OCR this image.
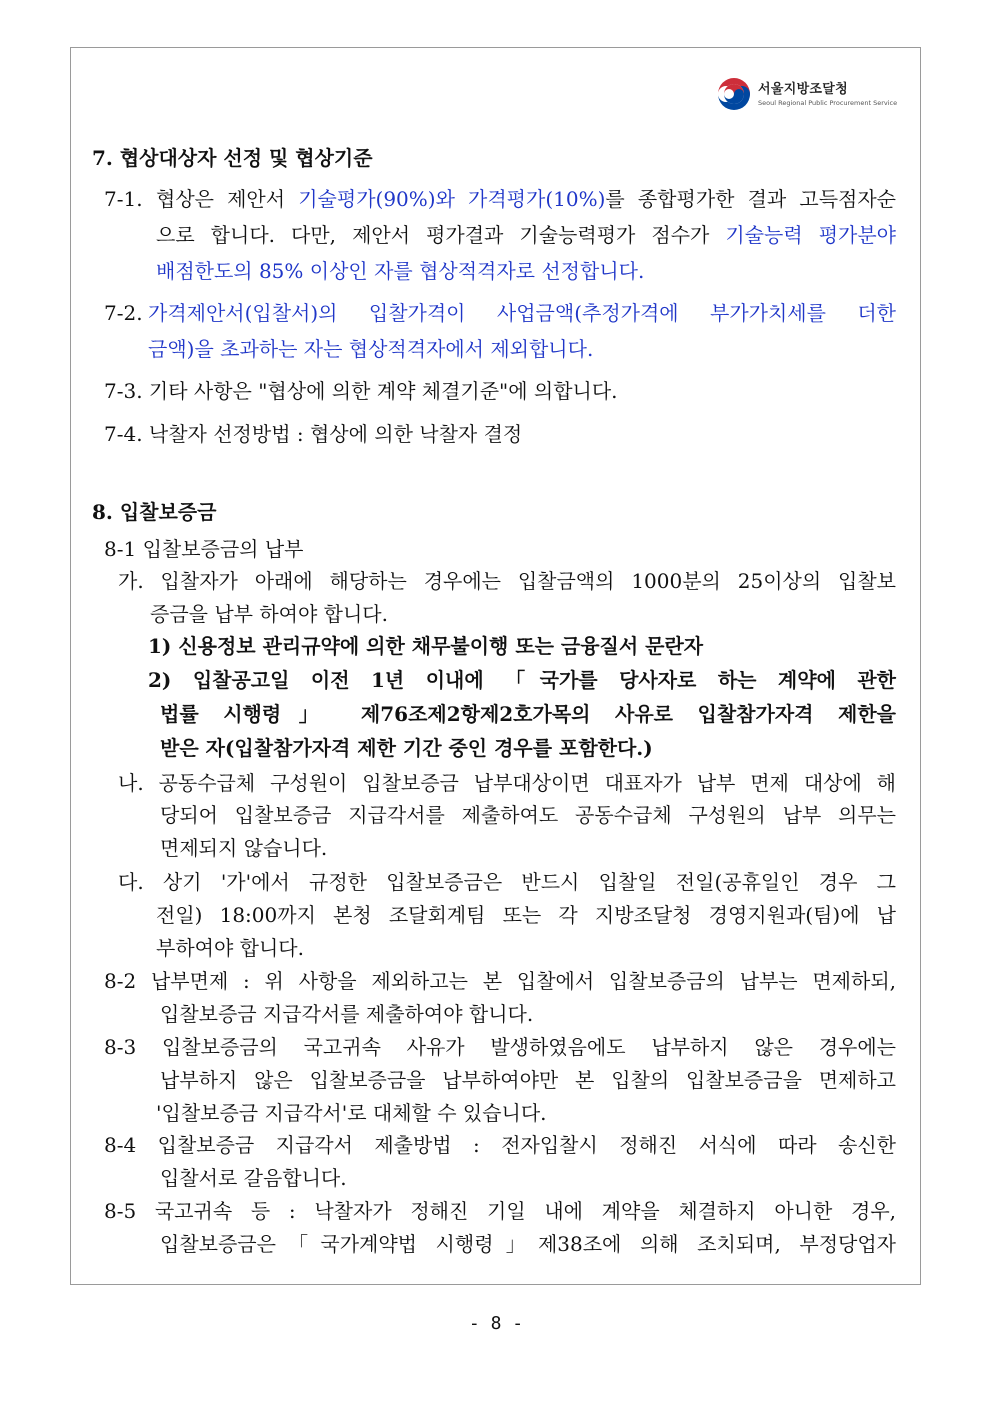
서울지방조달청
Seoul Regional Public Procurement Service
7. 협상대상자 선정 및 협상기준
7-1. 협상은 제안서 기술평가(90%)와 가격평가(10%)를 종합평가한 결과 고득점자순
으로 합니다. 다만, 제안서 평가결과 기술능력평가 점수가 기술능력 평가분야
배점한도의 85% 이상인 자를 협상적격자로 선정합니다.
7-2. 가격제안서(입찰서)의 입찰가격이 사업금액(추정가격에 부가가치세를 더한
금액)을 초과하는 자는 협상적격자에서 제외합니다.
7-3. 기타 사항은 "협상에 의한 계약 체결기준"에 의합니다.
7-4. 낙찰자 선정방법 : 협상에 의한 낙찰자 결정
8. 입찰보증금
8-1 입찰보증금의 납부
가. 입찰자가 아래에 해당하는 경우에는 입찰금액의 1000분의 25이상의 입찰보
증금을 납부 하여야 합니다.
1) 신용정보 관리규약에 의한 채무불이행 또는 금융질서 문란자
2) 입찰공고일 이전 1년 이내에 「국가를 당사자로 하는 계약에 관한
법률 시행령」 제76조제2항제2호가목의 사유로 입찰참가자격 제한을
받은 자(입찰참가자격 제한 기간 중인 경우를 포함한다.)
나. 공동수급체 구성원이 입찰보증금 납부대상이면 대표자가 납부 면제 대상에 해
당되어 입찰보증금 지급각서를 제출하여도 공동수급체 구성원의 납부 의무는
면제되지 않습니다.
다. 상기 '가'에서 규정한 입찰보증금은 반드시 입찰일 전일(공휴일인 경우 그
전일) 18:00까지 본청 조달회계팀 또는 각 지방조달청 경영지원과(팀)에 납
부하여야 합니다.
8-2 납부면제 : 위 사항을 제외하고는 본 입찰에서 입찰보증금의 납부는 면제하되,
입찰보증금 지급각서를 제출하여야 합니다.
8-3 입찰보증금의 국고귀속 사유가 발생하였음에도 납부하지 않은 경우에는
납부하지 않은 입찰보증금을 납부하여야만 본 입찰의 입찰보증금을 면제하고
'입찰보증금 지급각서'로 대체할 수 있습니다.
8-4 입찰보증금 지급각서 제출방법 : 전자입찰시 정해진 서식에 따라 송신한
입찰서로 갈음합니다.
8-5 국고귀속 등 : 낙찰자가 정해진 기일 내에 계약을 체결하지 아니한 경우,
입찰보증금은「국가계약법 시행령」제38조에 의해 조치되며, 부정당업자
- 8 -
